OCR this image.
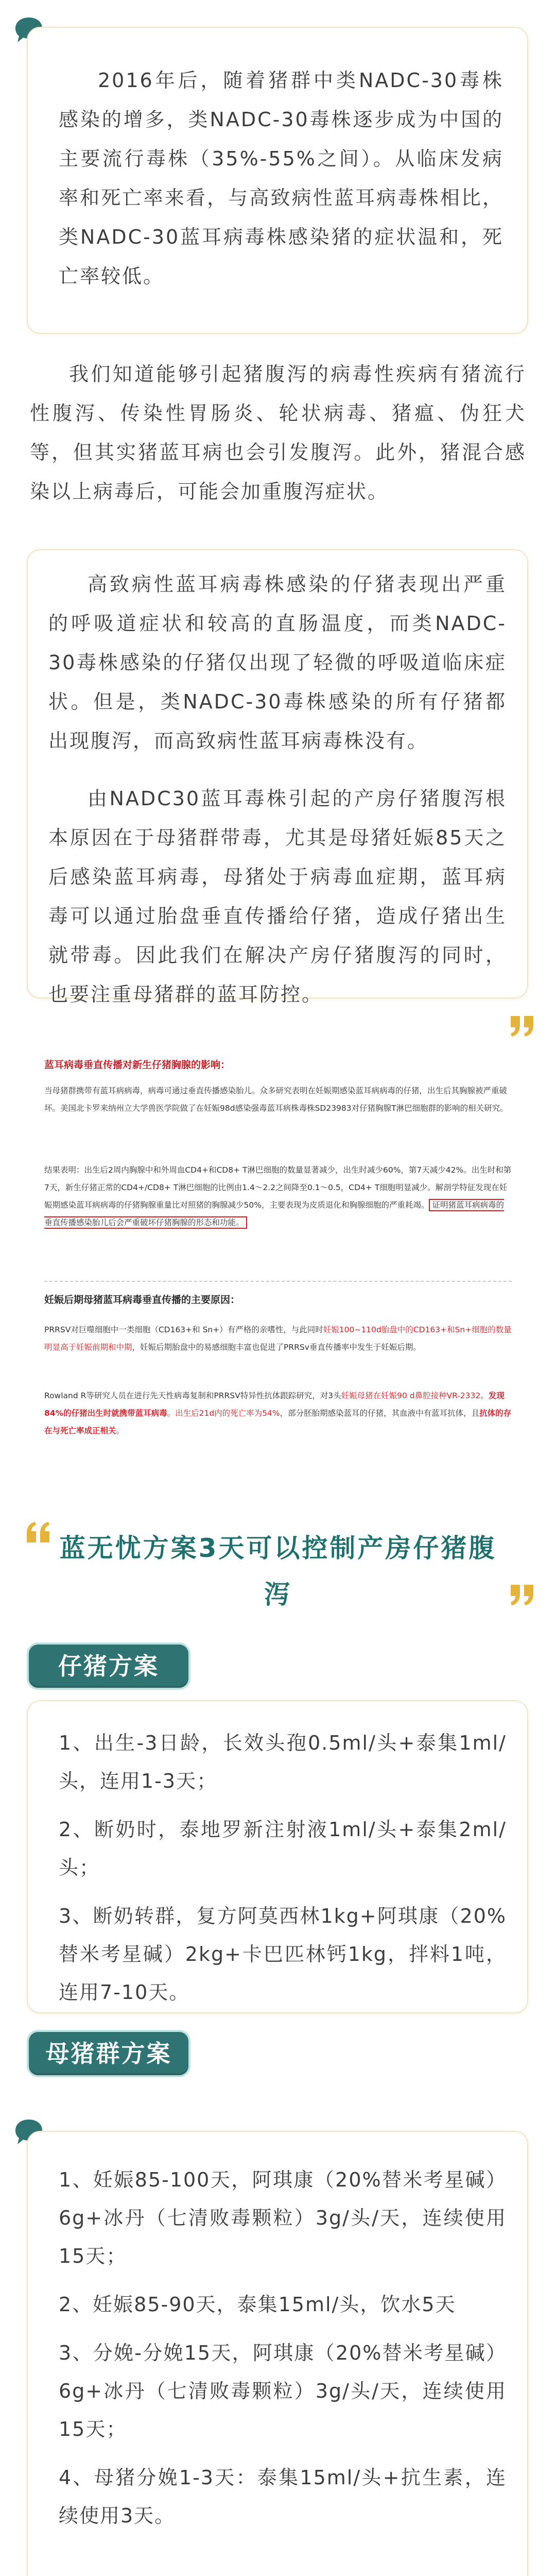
2016年后，随着猪群中类NADC-30毒株感染的增多，类NADC-30毒株逐步成为中国的主要流行毒株（35%-55%之间）。从临床发病率和死亡率来看，与高致病性蓝耳病毒株相比，类NADC-30蓝耳病毒株感染猪的症状温和，死亡率较低。

我们知道能够引起猪腹泻的病毒性疾病有猪流行性腹泻、传染性胃肠炎、轮状病毒、猪瘟、伪狂犬等，但其实猪蓝耳病也会引发腹泻。此外，猪混合感染以上病毒后，可能会加重腹泻症状。

高致病性蓝耳病毒株感染的仔猪表现出严重的呼吸道症状和较高的直肠温度，而类NADC-30毒株感染的仔猪仅出现了轻微的呼吸道临床症状。但是，类NADC-30毒株感染的所有仔猪都出现腹泻，而高致病性蓝耳病毒株没有。

由NADC30蓝耳毒株引起的产房仔猪腹泻根本原因在于母猪群带毒，尤其是母猪妊娠85天之后感染蓝耳病毒，母猪处于病毒血症期，蓝耳病毒可以通过胎盘垂直传播给仔猪，造成仔猪出生就带毒。因此我们在解决产房仔猪腹泻的同时，也要注重母猪群的蓝耳防控。

蓝耳病毒垂直传播对新生仔猪胸腺的影响：

当母猪群携带有蓝耳病病毒，病毒可通过垂直传播感染胎儿。众多研究表明在妊娠期感染蓝耳病病毒的仔猪，出生后其胸腺被严重破坏。美国北卡罗来纳州立大学兽医学院做了在妊娠98d感染强毒蓝耳病株毒株SD23983对仔猪胸腺T淋巴细胞群的影响的相关研究。

结果表明：出生后2周内胸腺中和外周血CD4+和CD8+ T淋巴细胞的数量显著减少，出生时减少60%，第7天减少42%。出生时和第7天，新生仔猪正常的CD4+/CD8+ T淋巴细胞的比例由1.4～2.2之间降至0.1～0.5，CD4+ T细胞明显减少。解剖学特征发现在妊娠期感染蓝耳病病毒的仔猪胸腺重量比对照猪的胸腺减少50%，主要表现为皮质退化和胸腺细胞的严重耗竭。 证明猪蓝耳病病毒的垂直传播感染胎儿后会严重破坏仔猪胸腺的形态和功能。

妊娠后期母猪蓝耳病毒垂直传播的主要原因：

PRRSV对巨噬细胞中一类细胞（CD163+和 Sn+）有严格的亲嗜性，与此同时妊娠100~110d胎盘中的CD163+和Sn+细胞的数量明显高于妊娠前期和中期，妊娠后期胎盘中的易感细胞丰富也促进了PRRSv垂直传播率中发生于妊娠后期。

Rowland R等研究人员在进行先天性病毒复制和PRRSV特异性抗体跟踪研究，对3头妊娠母猪在妊娠90 d鼻腔接种VR-2332。发现84%的仔猪出生时就携带蓝耳病毒。出生后21d内的死亡率为54%，部分胚胎期感染蓝耳的仔猪，其血液中有蓝耳抗体，且抗体的存在与死亡率成正相关。

蓝无忧方案3天可以控制产房仔猪腹泻

仔猪方案

1、出生-3日龄，长效头孢0.5ml/头+泰集1ml/头，连用1-3天；

2、断奶时，泰地罗新注射液1ml/头+泰集2ml/头；

3、断奶转群，复方阿莫西林1kg+阿琪康（20%替米考星碱）2kg+卡巴匹林钙1kg，拌料1吨，连用7-10天。

母猪群方案

1、妊娠85-100天，阿琪康（20%替米考星碱）6g+冰丹（七清败毒颗粒）3g/头/天，连续使用15天；

2、妊娠85-90天，泰集15ml/头，饮水5天

3、分娩-分娩15天，阿琪康（20%替米考星碱）6g+冰丹（七清败毒颗粒）3g/头/天，连续使用15天；

4、母猪分娩1-3天：泰集15ml/头+抗生素，连续使用3天。
